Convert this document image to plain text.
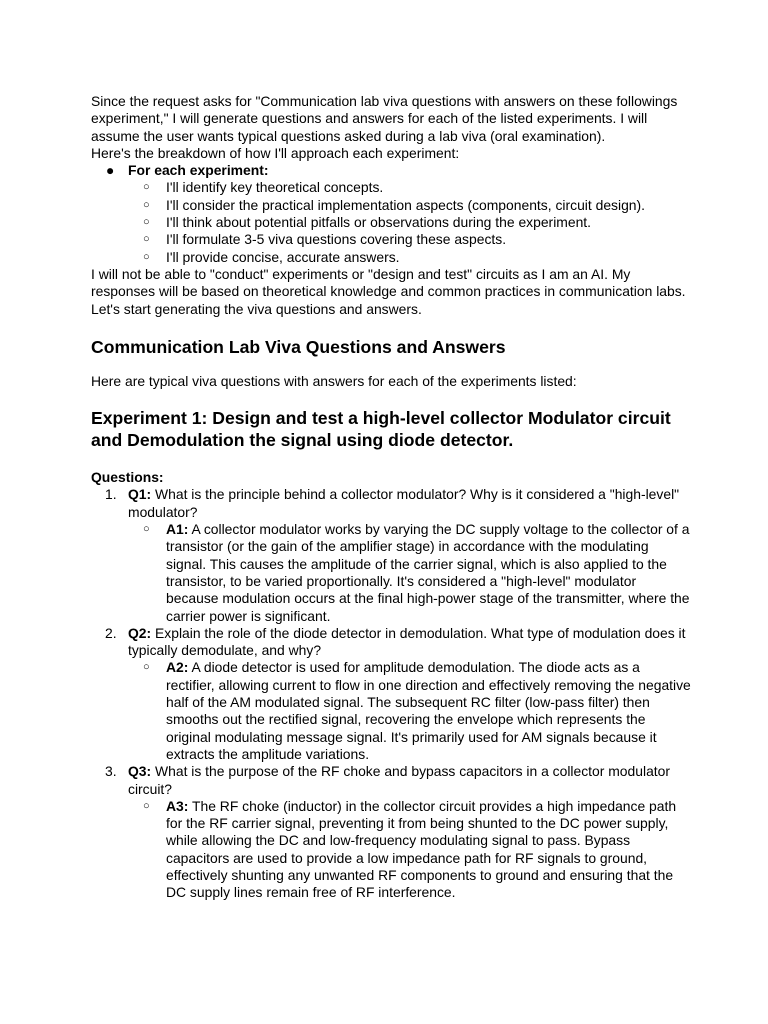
Since the request asks for "Communication lab viva questions with answers on these followings experiment," I will generate questions and answers for each of the listed experiments. I will assume the user wants typical questions asked during a lab viva (oral examination).

Here's the breakdown of how I'll approach each experiment:

● For each experiment:
○ I'll identify key theoretical concepts.
○ I'll consider the practical implementation aspects (components, circuit design).
○ I'll think about potential pitfalls or observations during the experiment.
○ I'll formulate 3-5 viva questions covering these aspects.
○ I'll provide concise, accurate answers.

I will not be able to "conduct" experiments or "design and test" circuits as I am an AI. My responses will be based on theoretical knowledge and common practices in communication labs.

Let's start generating the viva questions and answers.

Communication Lab Viva Questions and Answers

Here are typical viva questions with answers for each of the experiments listed:

Experiment 1: Design and test a high-level collector Modulator circuit and Demodulation the signal using diode detector.

Questions:

1. Q1: What is the principle behind a collector modulator? Why is it considered a "high-level" modulator?
○ A1: A collector modulator works by varying the DC supply voltage to the collector of a transistor (or the gain of the amplifier stage) in accordance with the modulating signal. This causes the amplitude of the carrier signal, which is also applied to the transistor, to be varied proportionally. It's considered a "high-level" modulator because modulation occurs at the final high-power stage of the transmitter, where the carrier power is significant.
2. Q2: Explain the role of the diode detector in demodulation. What type of modulation does it typically demodulate, and why?
○ A2: A diode detector is used for amplitude demodulation. The diode acts as a rectifier, allowing current to flow in one direction and effectively removing the negative half of the AM modulated signal. The subsequent RC filter (low-pass filter) then smooths out the rectified signal, recovering the envelope which represents the original modulating message signal. It's primarily used for AM signals because it extracts the amplitude variations.
3. Q3: What is the purpose of the RF choke and bypass capacitors in a collector modulator circuit?
○ A3: The RF choke (inductor) in the collector circuit provides a high impedance path for the RF carrier signal, preventing it from being shunted to the DC power supply, while allowing the DC and low-frequency modulating signal to pass. Bypass capacitors are used to provide a low impedance path for RF signals to ground, effectively shunting any unwanted RF components to ground and ensuring that the DC supply lines remain free of RF interference.
